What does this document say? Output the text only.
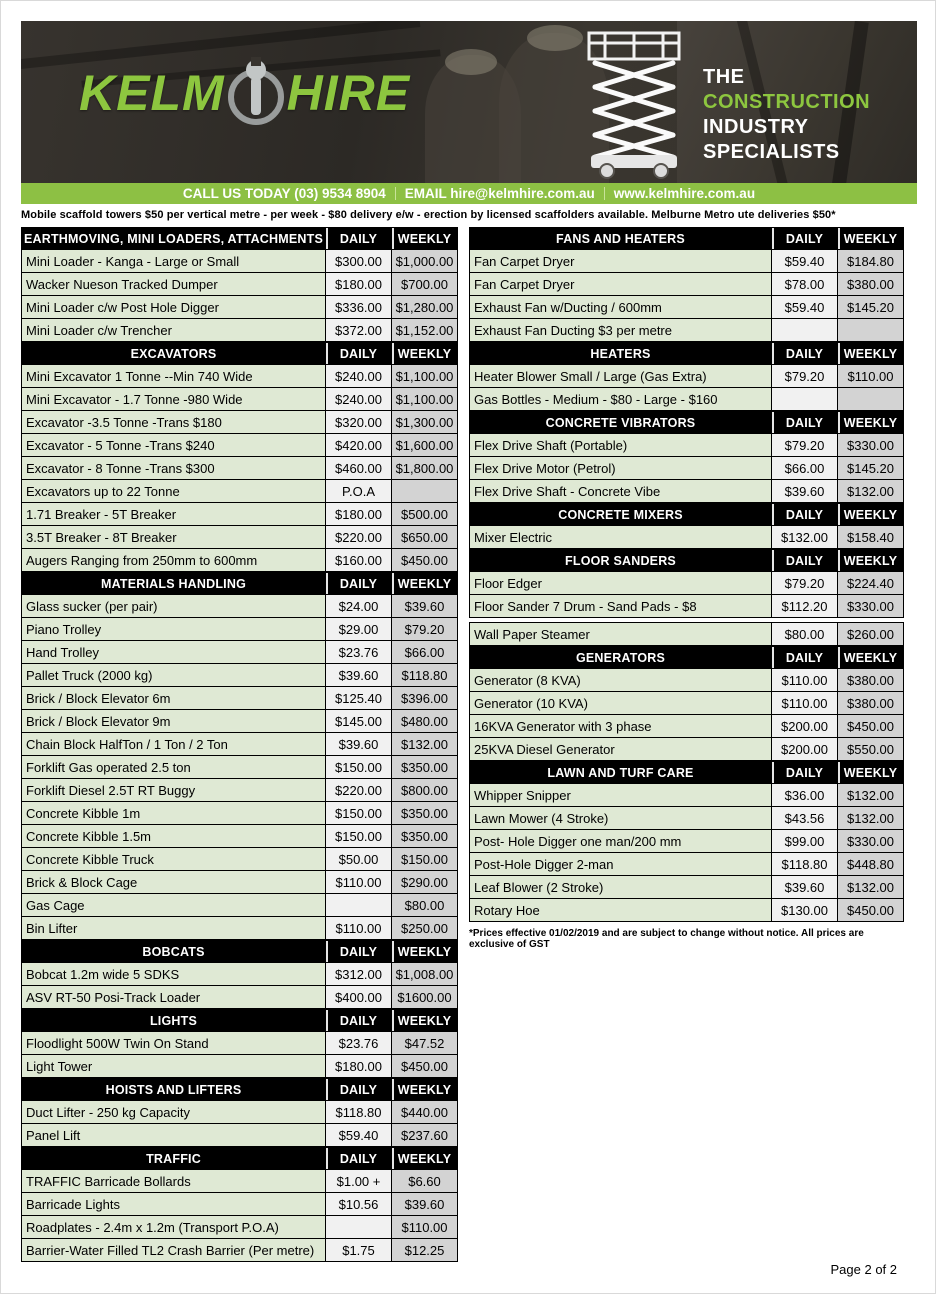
KELM HIRE	THE
CONSTRUCTION
INDUSTRY
SPECIALISTS
CALL US TODAY (03) 9534 8904 EMAIL hire@kelmhire.com.au www.kelmhire.com.au
Mobile scaffold towers $50 per vertical metre - per week - $80 delivery e/w - erection by licensed scaffolders available. Melburne Metro ute deliveries $50*
EARTHMOVING, MINI LOADERS, ATTACHMENTS	DAILY	WEEKLY
Mini Loader - Kanga - Large or Small	$300.00	$1,000.00
Wacker Nueson Tracked Dumper	$180.00	$700.00
Mini Loader c/w Post Hole Digger	$336.00	$1,280.00
Mini Loader c/w Trencher	$372.00	$1,152.00
EXCAVATORS	DAILY	WEEKLY
Mini Excavator 1 Tonne --Min 740 Wide	$240.00	$1,100.00
Mini Excavator - 1.7 Tonne -980 Wide	$240.00	$1,100.00
Excavator -3.5 Tonne -Trans $180	$320.00	$1,300.00
Excavator - 5 Tonne -Trans $240	$420.00	$1,600.00
Excavator - 8 Tonne -Trans $300	$460.00	$1,800.00
Excavators up to 22 Tonne	P.O.A	
1.71 Breaker - 5T Breaker	$180.00	$500.00
3.5T Breaker - 8T Breaker	$220.00	$650.00
Augers Ranging from 250mm to 600mm	$160.00	$450.00
MATERIALS HANDLING	DAILY	WEEKLY
Glass sucker (per pair)	$24.00	$39.60
Piano Trolley	$29.00	$79.20
Hand Trolley	$23.76	$66.00
Pallet Truck (2000 kg)	$39.60	$118.80
Brick / Block Elevator 6m	$125.40	$396.00
Brick / Block Elevator 9m	$145.00	$480.00
Chain Block HalfTon / 1 Ton / 2 Ton	$39.60	$132.00
Forklift Gas operated 2.5 ton	$150.00	$350.00
Forklift Diesel 2.5T RT Buggy	$220.00	$800.00
Concrete Kibble 1m	$150.00	$350.00
Concrete Kibble 1.5m	$150.00	$350.00
Concrete Kibble Truck	$50.00	$150.00
Brick & Block Cage	$110.00	$290.00
Gas Cage		$80.00
Bin Lifter	$110.00	$250.00
BOBCATS	DAILY	WEEKLY
Bobcat 1.2m wide 5 SDKS	$312.00	$1,008.00
ASV RT-50 Posi-Track Loader	$400.00	$1600.00
LIGHTS	DAILY	WEEKLY
Floodlight 500W Twin On Stand	$23.76	$47.52
Light Tower	$180.00	$450.00
HOISTS AND LIFTERS	DAILY	WEEKLY
Duct Lifter - 250 kg Capacity	$118.80	$440.00
Panel Lift	$59.40	$237.60
TRAFFIC	DAILY	WEEKLY
TRAFFIC Barricade Bollards	$1.00 +	$6.60
Barricade Lights	$10.56	$39.60
Roadplates - 2.4m x 1.2m (Transport P.O.A)		$110.00
Barrier-Water Filled TL2 Crash Barrier (Per metre)	$1.75	$12.25
FANS AND HEATERS	DAILY	WEEKLY
Fan Carpet Dryer	$59.40	$184.80
Fan Carpet Dryer	$78.00	$380.00
Exhaust Fan w/Ducting / 600mm	$59.40	$145.20
Exhaust Fan Ducting $3 per metre		
HEATERS	DAILY	WEEKLY
Heater Blower Small / Large (Gas Extra)	$79.20	$110.00
Gas Bottles - Medium - $80 - Large - $160		
CONCRETE VIBRATORS	DAILY	WEEKLY
Flex Drive Shaft (Portable)	$79.20	$330.00
Flex Drive Motor (Petrol)	$66.00	$145.20
Flex Drive Shaft - Concrete Vibe	$39.60	$132.00
CONCRETE MIXERS	DAILY	WEEKLY
Mixer Electric	$132.00	$158.40
FLOOR SANDERS	DAILY	WEEKLY
Floor Edger	$79.20	$224.40
Floor Sander 7 Drum - Sand Pads - $8	$112.20	$330.00
Wall Paper Steamer	$80.00	$260.00
GENERATORS	DAILY	WEEKLY
Generator (8 KVA)	$110.00	$380.00
Generator (10 KVA)	$110.00	$380.00
16KVA Generator with 3 phase	$200.00	$450.00
25KVA Diesel Generator	$200.00	$550.00
LAWN AND TURF CARE	DAILY	WEEKLY
Whipper Snipper	$36.00	$132.00
Lawn Mower (4 Stroke)	$43.56	$132.00
Post- Hole Digger one man/200 mm	$99.00	$330.00
Post-Hole Digger 2-man	$118.80	$448.80
Leaf Blower (2 Stroke)	$39.60	$132.00
Rotary Hoe	$130.00	$450.00
*Prices effective 01/02/2019 and are subject to change without notice. All prices are exclusive of GST
Page 2 of 2
